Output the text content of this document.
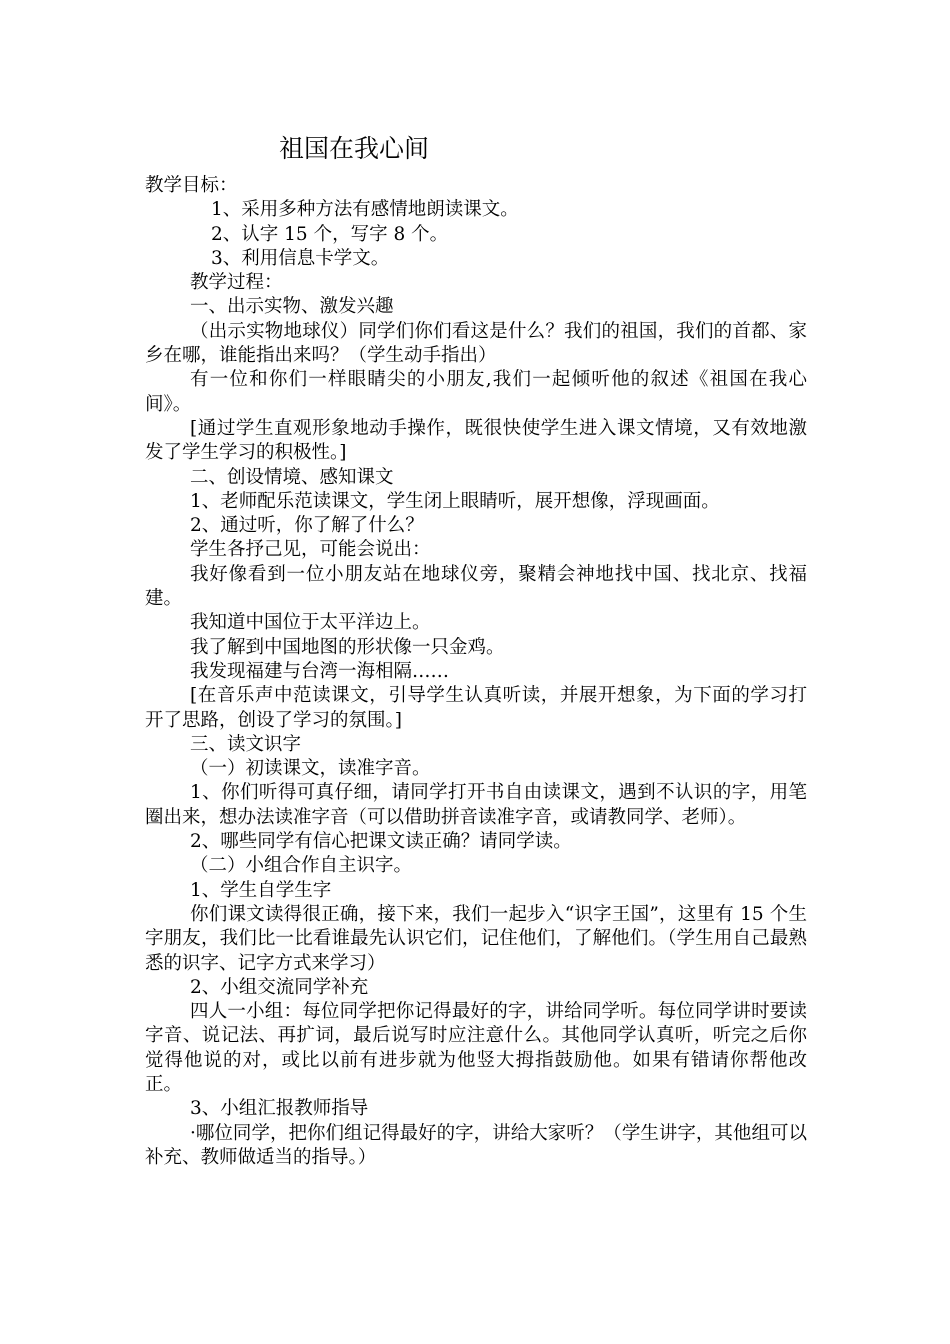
祖国在我心间

教学目标：

1、采用多种方法有感情地朗读课文。

2、认字 15 个，写字 8 个。

3、利用信息卡学文。

教学过程：

一、出示实物、激发兴趣

（出示实物地球仪）同学们你们看这是什么？我们的祖国，我们的首都、家乡在哪，谁能指出来吗？（学生动手指出）

有一位和你们一样眼睛尖的小朋友,我们一起倾听他的叙述《祖国在我心间》。

[通过学生直观形象地动手操作，既很快使学生进入课文情境，又有效地激发了学生学习的积极性。]

二、创设情境、感知课文

1、老师配乐范读课文，学生闭上眼睛听，展开想像，浮现画面。

2、通过听，你了解了什么？

学生各抒己见，可能会说出：

我好像看到一位小朋友站在地球仪旁，聚精会神地找中国、找北京、找福建。

我知道中国位于太平洋边上。

我了解到中国地图的形状像一只金鸡。

我发现福建与台湾一海相隔……

[在音乐声中范读课文，引导学生认真听读，并展开想象，为下面的学习打开了思路，创设了学习的氛围。]

三、读文识字

（一）初读课文，读准字音。

1、你们听得可真仔细，请同学打开书自由读课文，遇到不认识的字，用笔圈出来，想办法读准字音（可以借助拼音读准字音，或请教同学、老师）。

2、哪些同学有信心把课文读正确？请同学读。

（二）小组合作自主识字。

1、学生自学生字

你们课文读得很正确，接下来，我们一起步入“识字王国”，这里有 15 个生字朋友，我们比一比看谁最先认识它们，记住他们，了解他们。（学生用自己最熟悉的识字、记字方式来学习）

2、小组交流同学补充

四人一小组：每位同学把你记得最好的字，讲给同学听。每位同学讲时要读字音、说记法、再扩词，最后说写时应注意什么。其他同学认真听，听完之后你觉得他说的对，或比以前有进步就为他竖大拇指鼓励他。如果有错请你帮他改正。

3、小组汇报教师指导

·哪位同学，把你们组记得最好的字，讲给大家听？（学生讲字，其他组可以补充、教师做适当的指导。）
